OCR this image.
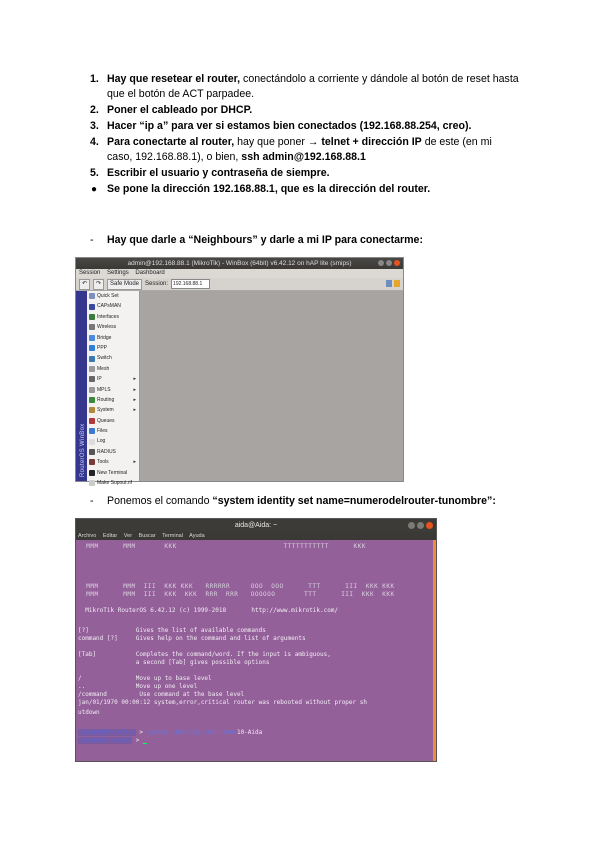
1. Hay que resetear el router, conectándolo a corriente y dándole al botón de reset hasta que el botón de ACT parpadee.
2. Poner el cableado por DHCP.
3. Hacer “ip a” para ver si estamos bien conectados (192.168.88.254, creo).
4. Para conectarte al router, hay que poner → telnet + dirección IP de este (en mi caso, 192.168.88.1), o bien, ssh admin@192.168.88.1
5. Escribir el usuario y contraseña de siempre.
● Se pone la dirección 192.168.88.1, que es la dirección del router.
- Hay que darle a “Neighbours” y darle a mi IP para conectarme:
admin@192.168.88.1 (MikroTik) - WinBox (64bit) v6.42.12 on hAP lite (smips)
Session Settings Dashboard
↶	↷	Safe Mode	Session:	192.168.88.1
RouterOS WinBox
Quick Set
CAPsMAN
Interfaces
Wireless
Bridge
PPP
Switch
Mesh
IP	▸
MPLS	▸
Routing	▸
System	▸
Queues
Files
Log
RADIUS
Tools	▸
New Terminal
Make Supout.rif
- Ponemos el comando “system identity set name=numerodelrouter-tunombre”:
aida@Aida: ~
Archivo Editar Ver Buscar Terminal Ayuda
MMM      MMM       KKK                          TTTTTTTTTTT      KKK
MMM      MMM  III  KKK KKK   RRRRRR     OOO  OOO      TTT      III  KKK KKK
MMM      MMM  III  KKK  KKK  RRR  RRR   OOOOOO       TTT      III  KKK  KKK
MikroTik RouterOS 6.42.12 (c) 1999-2018       http://www.mikrotik.com/
[?]             Gives the list of available commands
command [?]     Gives help on the command and list of arguments
[Tab]           Completes the command/word. If the input is ambiguous,
a second [Tab] gives possible options
/               Move up to base level
..              Move up one level
/command         Use command at the base level
jan/01/1970 00:00:12 system,error,critical router was rebooted without proper sh
utdown
[admin@MikroTik] > system identity set name=10-Aida
[admin@10-Aida] >
